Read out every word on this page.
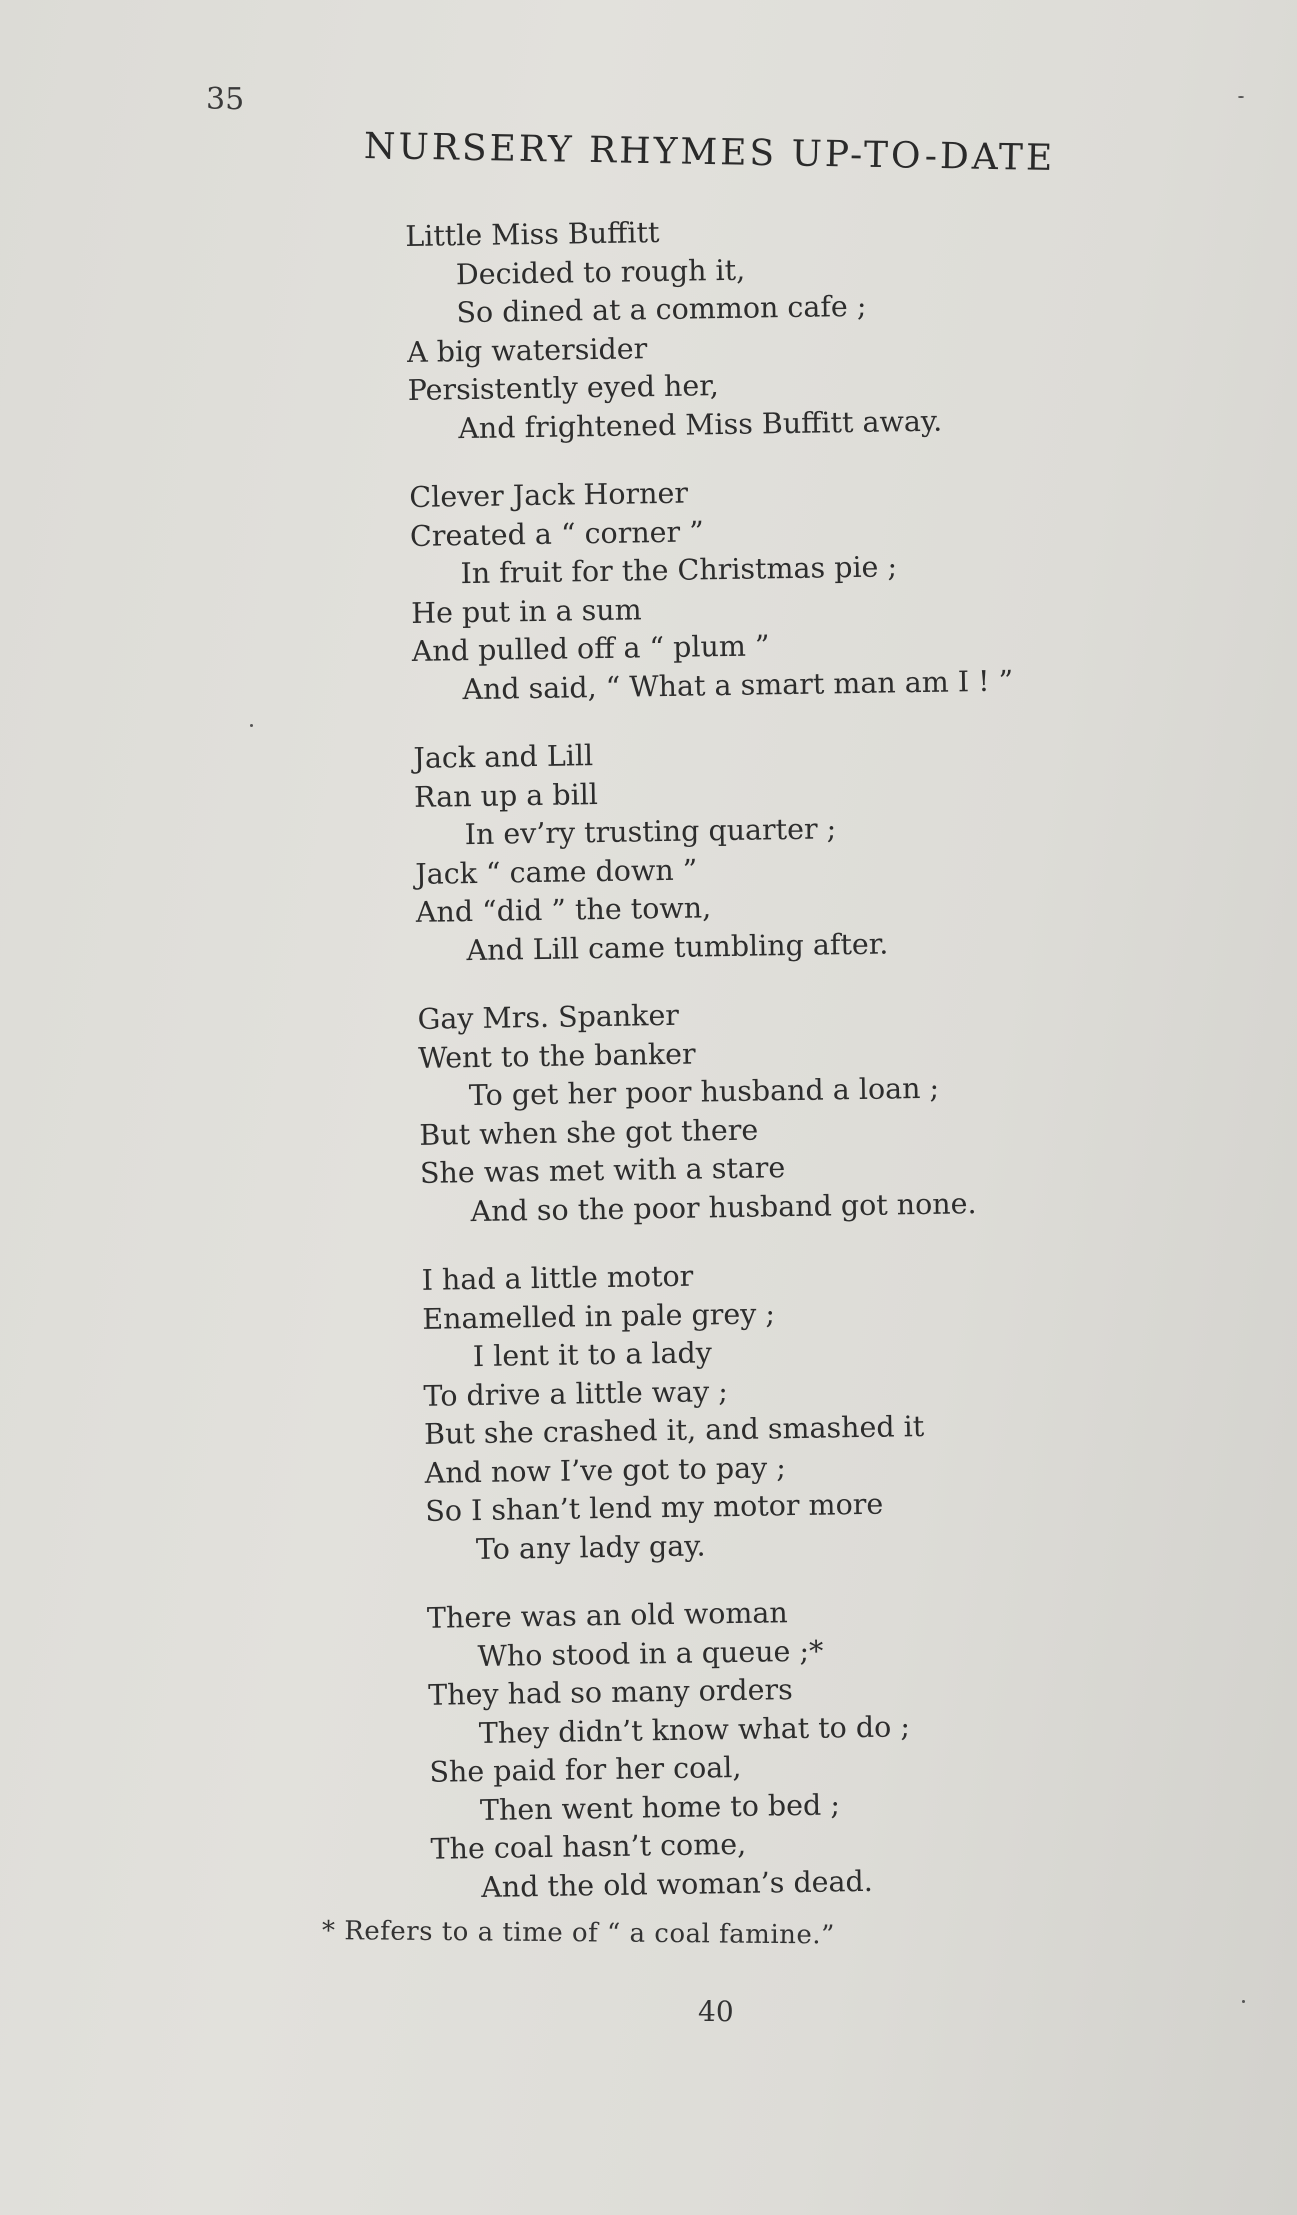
35
NURSERY RHYMES UP-TO-DATE
Little Miss Buffitt
Decided to rough it,
So dined at a common cafe ;
A big watersider
Persistently eyed her,
And frightened Miss Buffitt away.
Clever Jack Horner
Created a “ corner ”
In fruit for the Christmas pie ;
He put in a sum
And pulled off a “ plum ”
And said, “ What a smart man am I ! ”
Jack and Lill
Ran up a bill
In ev’ry trusting quarter ;
Jack “ came down ”
And “did ” the town,
And Lill came tumbling after.
Gay Mrs. Spanker
Went to the banker
To get her poor husband a loan ;
But when she got there
She was met with a stare
And so the poor husband got none.
I had a little motor
Enamelled in pale grey ;
I lent it to a lady
To drive a little way ;
But she crashed it, and smashed it
And now I’ve got to pay ;
So I shan’t lend my motor more
To any lady gay.
There was an old woman
Who stood in a queue ;*
They had so many orders
They didn’t know what to do ;
She paid for her coal,
Then went home to bed ;
The coal hasn’t come,
And the old woman’s dead.
* Refers to a time of “ a coal famine.”
40
